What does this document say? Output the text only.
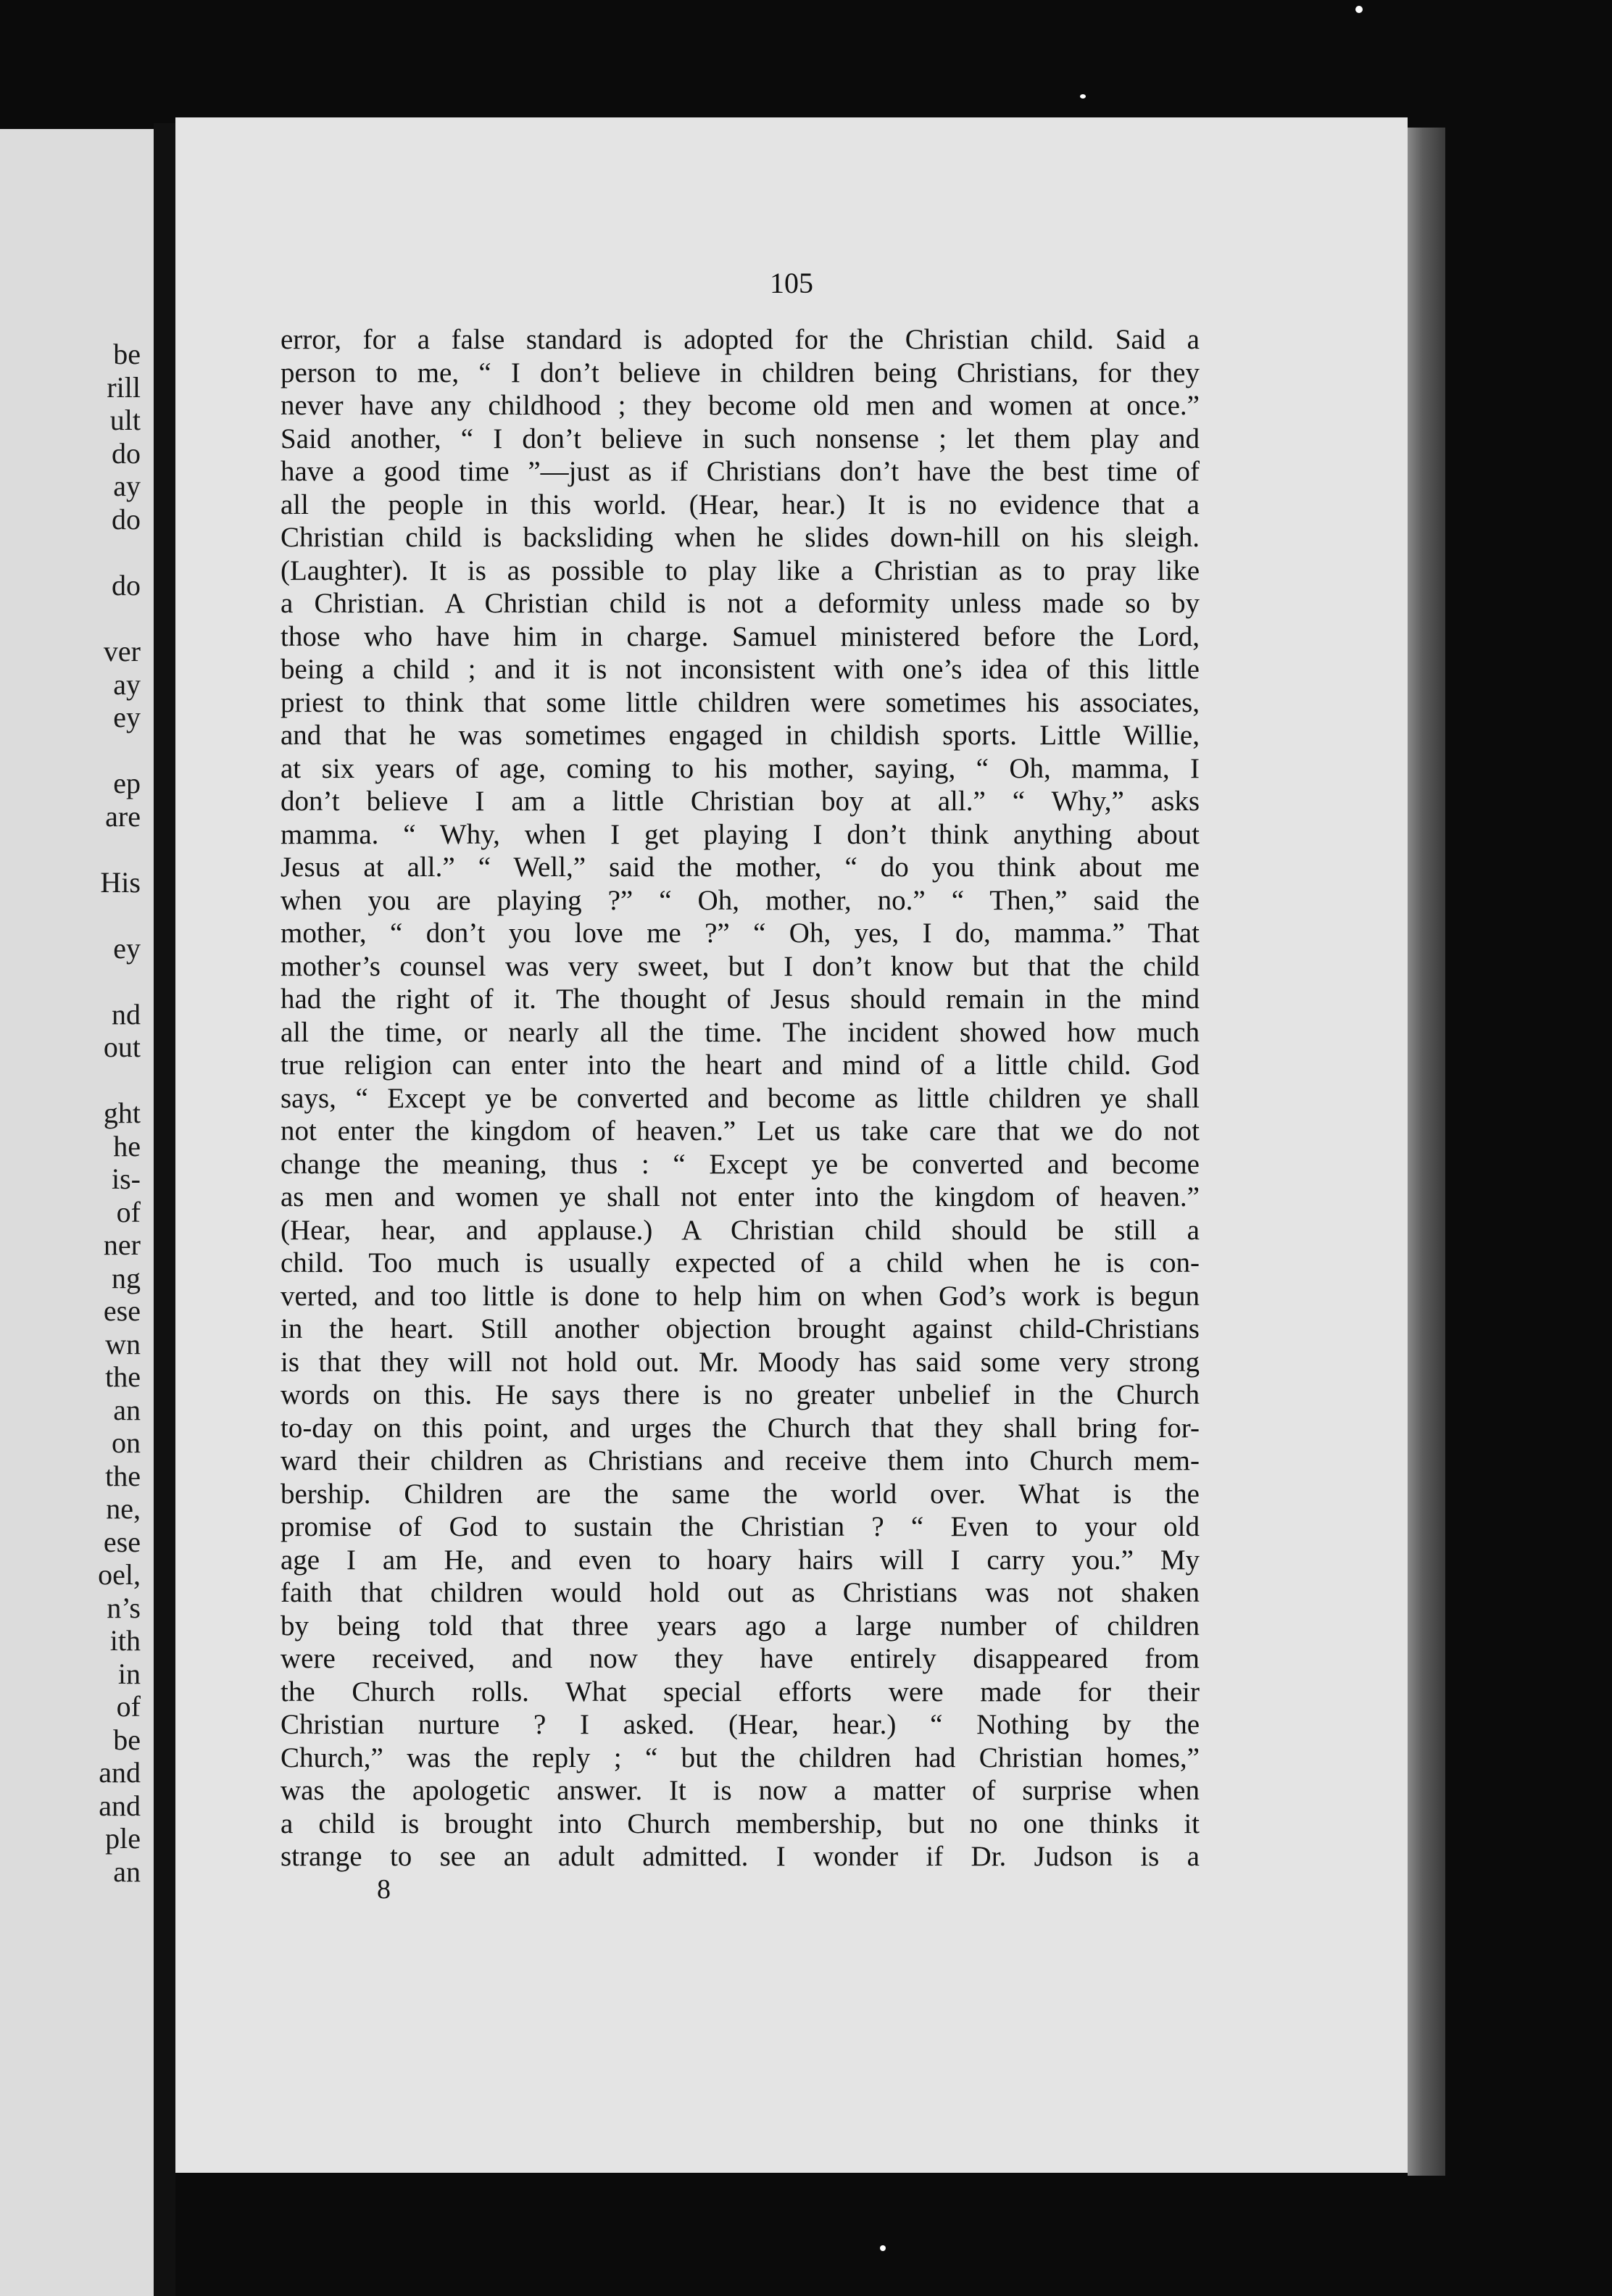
be
rill
ult
do
ay
do
do
ver
ay
ey
ep
are
His
ey
nd
out
ght
he
is-
of
ner
ng
ese
wn
the
an
on
the
ne,
ese
oel,
n’s
ith
in
of
be
and
and
ple
an
105
error, for a false standard is adopted for the Christian child. Said a
person to me, “ I don’t believe in children being Christians, for they
never have any childhood ; they become old men and women at once.”
Said another, “ I don’t believe in such nonsense ; let them play and
have a good time ”—just as if Christians don’t have the best time of
all the people in this world. (Hear, hear.) It is no evidence that a
Christian child is backsliding when he slides down-hill on his sleigh.
(Laughter). It is as possible to play like a Christian as to pray like
a Christian. A Christian child is not a deformity unless made so by
those who have him in charge. Samuel ministered before the Lord,
being a child ; and it is not inconsistent with one’s idea of this little
priest to think that some little children were sometimes his associates,
and that he was sometimes engaged in childish sports. Little Willie,
at six years of age, coming to his mother, saying, “ Oh, mamma, I
don’t believe I am a little Christian boy at all.” “ Why,” asks
mamma. “ Why, when I get playing I don’t think anything about
Jesus at all.” “ Well,” said the mother, “ do you think about me
when you are playing ?” “ Oh, mother, no.” “ Then,” said the
mother, “ don’t you love me ?” “ Oh, yes, I do, mamma.” That
mother’s counsel was very sweet, but I don’t know but that the child
had the right of it. The thought of Jesus should remain in the mind
all the time, or nearly all the time. The incident showed how much
true religion can enter into the heart and mind of a little child. God
says, “ Except ye be converted and become as little children ye shall
not enter the kingdom of heaven.” Let us take care that we do not
change the meaning, thus : “ Except ye be converted and become
as men and women ye shall not enter into the kingdom of heaven.”
(Hear, hear, and applause.) A Christian child should be still a
child. Too much is usually expected of a child when he is con-
verted, and too little is done to help him on when God’s work is begun
in the heart. Still another objection brought against child-Christians
is that they will not hold out. Mr. Moody has said some very strong
words on this. He says there is no greater unbelief in the Church
to-day on this point, and urges the Church that they shall bring for-
ward their children as Christians and receive them into Church mem-
bership. Children are the same the world over. What is the
promise of God to sustain the Christian ? “ Even to your old
age I am He, and even to hoary hairs will I carry you.” My
faith that children would hold out as Christians was not shaken
by being told that three years ago a large number of children
were received, and now they have entirely disappeared from
the Church rolls. What special efforts were made for their
Christian nurture ? I asked. (Hear, hear.) “ Nothing by the
Church,” was the reply ; “ but the children had Christian homes,”
was the apologetic answer. It is now a matter of surprise when
a child is brought into Church membership, but no one thinks it
strange to see an adult admitted. I wonder if Dr. Judson is a
8
